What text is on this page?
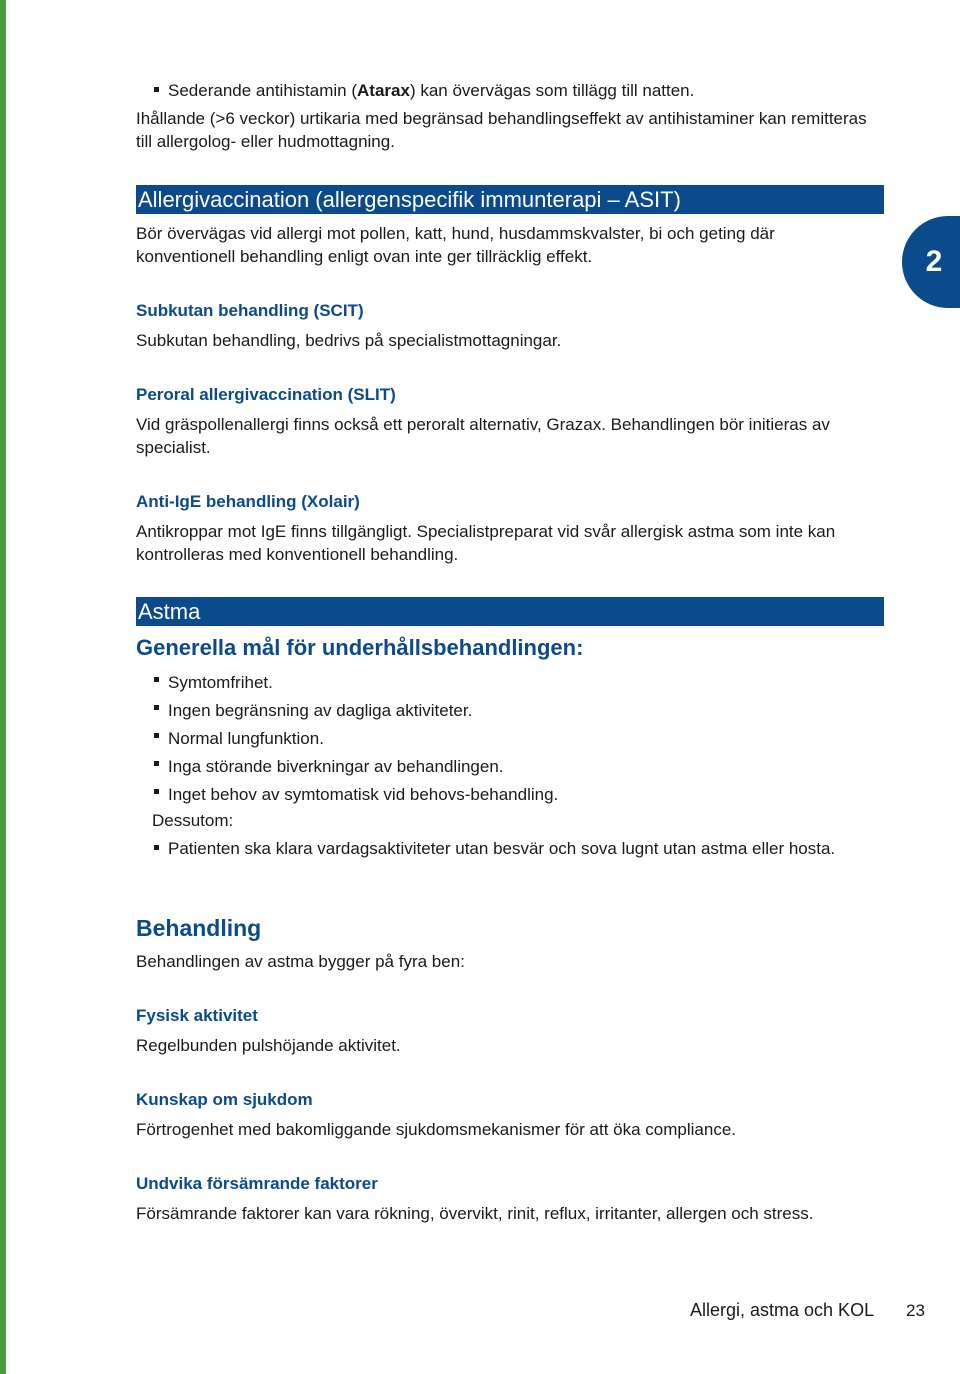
2
Sederande antihistamin (Atarax) kan övervägas som tillägg till natten.

Ihållande (>6 veckor) urtikaria med begränsad behandlingseffekt av antihistaminer kan remitteras till allergolog- eller hudmottagning.

Allergivaccination (allergenspecifik immunterapi – ASIT)

Bör övervägas vid allergi mot pollen, katt, hund, husdammskvalster, bi och geting där konventionell behandling enligt ovan inte ger tillräcklig effekt.

Subkutan behandling (SCIT)

Subkutan behandling, bedrivs på specialistmottagningar.

Peroral allergivaccination (SLIT)

Vid gräspollenallergi finns också ett peroralt alternativ, Grazax. Behandlingen bör initieras av specialist.

Anti-IgE behandling (Xolair)

Antikroppar mot IgE finns tillgängligt. Specialistpreparat vid svår allergisk astma som inte kan kontrolleras med konventionell behandling.

Astma
Generella mål för underhållsbehandlingen:
Symtomfrihet.
Ingen begränsning av dagliga aktiviteter.
Normal lungfunktion.
Inga störande biverkningar av behandlingen.
Inget behov av symtomatisk vid behovs-behandling.
Dessutom:
Patienten ska klara vardagsaktiviteter utan besvär och sova lugnt utan astma eller hosta.
Behandling

Behandlingen av astma bygger på fyra ben:

Fysisk aktivitet

Regelbunden pulshöjande aktivitet.

Kunskap om sjukdom

Förtrogenhet med bakomliggande sjukdomsmekanismer för att öka compliance.

Undvika försämrande faktorer

Försämrande faktorer kan vara rökning, övervikt, rinit, reflux, irritanter, allergen och stress.

Allergi, astma och KOL 23
